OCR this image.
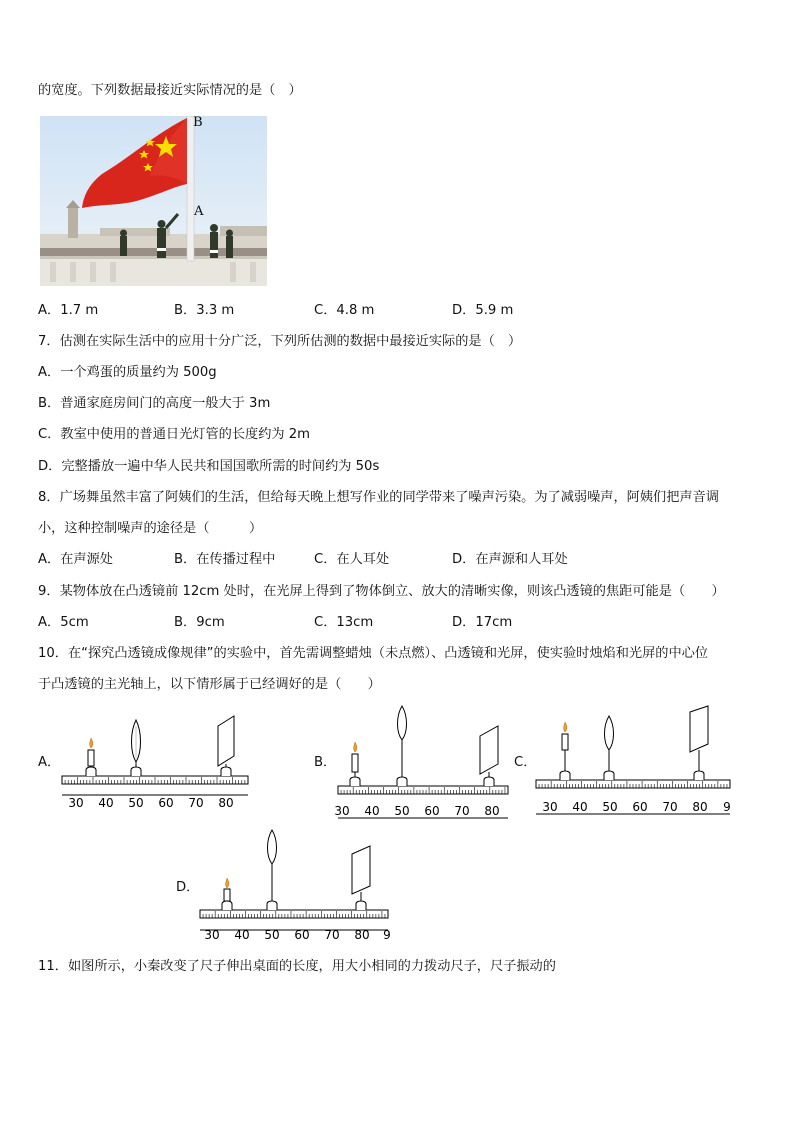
的宽度。下列数据最接近实际情况的是（　）
B
A
A．1.7 m	B．3.3 m	C．4.8 m	D．5.9 m
7．估测在实际生活中的应用十分广泛，下列所估测的数据中最接近实际的是（　）
A．一个鸡蛋的质量约为 500g
B．普通家庭房间门的高度一般大于 3m
C．教室中使用的普通日光灯管的长度约为 2m
D．完整播放一遍中华人民共和国国歌所需的时间约为 50s
8．广场舞虽然丰富了阿姨们的生活，但给每天晚上想写作业的同学带来了噪声污染。为了减弱噪声，阿姨们把声音调
小，这种控制噪声的途径是（　　　）
A．在声源处	B．在传播过程中	C．在人耳处	D．在声源和人耳处
9．某物体放在凸透镜前 12cm 处时，在光屏上得到了物体倒立、放大的清晰实像，则该凸透镜的焦距可能是（　　）
A．5cm	B．9cm	C．13cm	D．17cm
10．在“探究凸透镜成像规律”的实验中，首先需调整蜡烛（未点燃）、凸透镜和光屏，使实验时烛焰和光屏的中心位
于凸透镜的主光轴上，以下情形属于已经调好的是（　　）
A．	B．	C．
D．
30 40 50 60 70 80
30 40 50 60 70 80	30 40 50 60 70 80 9
30 40 50 60 70 80 9
11．如图所示，小秦改变了尺子伸出桌面的长度，用大小相同的力拨动尺子，尺子振动的
